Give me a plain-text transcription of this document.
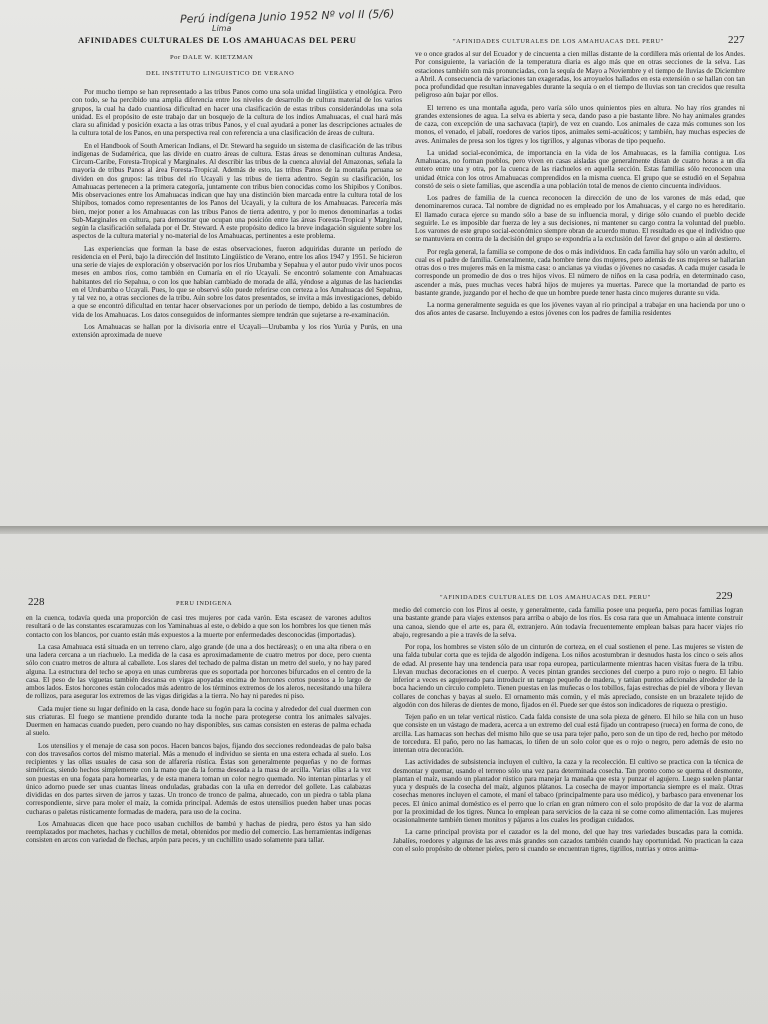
Perú indígena Junio 1952 Nº vol II (5/6)
Lima
"AFINIDADES CULTURALES DE LOS AMAHUACAS DEL PERU"	227
AFINIDADES CULTURALES DE LOS AMAHUACAS DEL PERU
Por DALE W. KIETZMAN
DEL INSTITUTO LINGUISTICO DE VERANO

Por mucho tiempo se han representado a las tribus Panos como una sola unidad lingüística y etnológica. Pero con todo, se ha percibido una amplia diferencia entre los niveles de desarrollo de cultura material de los varios grupos, la cual ha dado cuantiosa dificultad en hacer una clasificación de estas tribus considerándolas una sola unidad. Es el propósito de este trabajo dar un bosquejo de la cultura de los indios Amahuacas, el cual hará más clara su afinidad y posición exacta a las otras tribus Panos, y el cual ayudará a poner las descripciones actuales de la cultura total de los Panos, en una perspectiva real con referencia a una clasificación de áreas de cultura.

En el Handbook of South American Indians, el Dr. Steward ha seguido un sistema de clasificación de las tribus indígenas de Sudamérica, que las divide en cuatro áreas de cultura. Estas áreas se denominan culturas Andesa, Circum-Caribe, Foresta-Tropical y Marginales. Al describir las tribus de la cuenca aluvial del Amazonas, señala la mayoría de tribus Panos al área Foresta-Tropical. Además de esto, las tribus Panos de la montaña peruana se dividen en dos grupos: las tribus del río Ucayali y las tribus de tierra adentro. Según su clasificación, los Amahuacas pertenecen a la primera categoría, juntamente con tribus bien conocidas como los Shipibos y Conibos. Mis observaciones entre los Amahuacas indican que hay una distinción bien marcada entre la cultura total de los Shipibos, tomados como representantes de los Panos del Ucayali, y la cultura de los Amahuacas. Parecería más bien, mejor poner a los Amahuacas con las tribus Panos de tierra adentro, y por lo menos denominarlas a todas Sub-Marginales en cultura, para demostrar que ocupan una posición entre las áreas Foresta-Tropical y Marginal, según la clasificación señalada por el Dr. Steward. A este propósito dedico la breve indagación siguiente sobre los aspectos de la cultura material y no-material de los Amahuacas, pertinentes a este problema.

Las experiencias que forman la base de estas observaciones, fueron adquiridas durante un período de residencia en el Perú, bajo la dirección del Instituto Lingüístico de Verano, entre los años 1947 y 1951. Se hicieron una serie de viajes de exploración y observación por los ríos Urubamba y Sepahua y el autor pudo vivir unos pocos meses en ambos ríos, como también en Cumaría en el río Ucayali. Se encontró solamente con Amahuacas habitantes del río Sepahua, o con los que habían cambiado de morada de allá, yéndose a algunas de las haciendas en el Urubamba o Ucayali. Pues, lo que se observó sólo puede referirse con certeza a los Amahuacas del Sepahua, y tal vez no, a otras secciones de la tribu. Aún sobre los datos presentados, se invita a más investigaciones, debido a que se encontró dificultad en tentar hacer observaciones por un período de tiempo, debido a las costumbres de vida de los Amahuacas. Los datos conseguidos de informantes siempre tendrán que sujetarse a re-examinación.

Los Amahuacas se hallan por la divisoria entre el Ucayali—Urubamba y los ríos Yurúa y Purús, en una extensión aproximada de nueve

ve o once grados al sur del Ecuador y de cincuenta a cien millas distante de la cordillera más oriental de los Andes. Por consiguiente, la variación de la temperatura diaria es algo más que en otras secciones de la selva. Las estaciones también son más pronunciadas, con la sequía de Mayo a Noviembre y el tiempo de lluvias de Diciembre a Abril. A consecuencia de variaciones tan exageradas, los arroyuelos hallados en esta extensión o se hallan con tan poca profundidad que resultan innavegables durante la sequía o en el tiempo de lluvias son tan crecidos que resulta peligroso aún bajar por ellos.

El terreno es una montaña aguda, pero varía sólo unos quinientos pies en altura. No hay ríos grandes ni grandes extensiones de agua. La selva es abierta y seca, dando paso a pie bastante libre. No hay animales grandes de caza, con excepción de una sachavaca (tapir), de vez en cuando. Los animales de caza más comunes son los monos, el venado, el jabalí, roedores de varios tipos, animales semi-acuáticos; y también, hay muchas especies de aves. Animales de presa son los tigres y los tigrillos, y algunas víboras de tipo pequeño.

La unidad social-económica, de importancia en la vida de los Amahuacas, es la familia contigua. Los Amahuacas, no forman pueblos, pero viven en casas aisladas que generalmente distan de cuatro horas a un día entero entre una y otra, por la cuenca de las riachuelos en aquella sección. Estas familias sólo reconocen una unidad étnica con los otros Amahuacas comprendidos en la misma cuenca. El grupo que se estudió en el Sepahua constó de seis o siete familias, que ascendía a una población total de menos de ciento cincuenta individuos.

Los padres de familia de la cuenca reconocen la dirección de uno de los varones de más edad, que denominaremos curaca. Tal nombre de dignidad no es empleado por los Amahuacas, y el cargo no es hereditario. El llamado curaca ejerce su mando sólo a base de su influencia moral, y dirige sólo cuando el pueblo decide seguirle. Le es imposible dar fuerza de ley a sus decisiones, ni mantener su cargo contra la voluntad del pueblo. Los varones de este grupo social-económico siempre obran de acuerdo mutuo. El resultado es que el individuo que se mantuviera en contra de la decisión del grupo se expondría a la exclusión del favor del grupo o aún al destierro.

Por regla general, la familia se compone de dos o más individuos. En cada familia hay sólo un varón adulto, el cual es el padre de familia. Generalmente, cada hombre tiene dos mujeres, pero además de sus mujeres se hallarían otras dos o tres mujeres más en la misma casa: o ancianas ya viudas o jóvenes no casadas. A cada mujer casada le corresponde un promedio de dos o tres hijos vivos. El número de niños en la casa podría, en determinado caso, ascender a más, pues muchas veces habrá hijos de mujeres ya muertas. Parece que la mortandad de parto es bastante grande, juzgando por el hecho de que un hombre puede tener hasta cinco mujeres durante su vida.

La norma generalmente seguida es que los jóvenes vayan al río principal a trabajar en una hacienda por uno o dos años antes de casarse. Incluyendo a estos jóvenes con los padres de familia residentes

228	PERU INDIGENA
"AFINIDADES CULTURALES DE LOS AMAHUACAS DEL PERU"	229

en la cuenca, todavía queda una proporción de casi tres mujeres por cada varón. Esta escasez de varones adultos resultará o de las constantes escaramuzas con los Yaminahuas al este, o debido a que son los hombres los que tienen más contacto con los blancos, por cuanto están más expuestos a la muerte por enfermedades desconocidas (importadas).

La casa Amahuaca está situada en un terreno claro, algo grande (de una a dos hectáreas); o en una alta ribera o en una ladera cercana a un riachuelo. La medida de la casa es aproximadamente de cuatro metros por doce, pero cuenta sólo con cuatro metros de altura al caballete. Los slares del techado de palma distan un metro del suelo, y no hay pared alguna. La estructura del techo se apoya en unas cumbreras que es soportada por horcones bifurcados en el centro de la casa. El peso de las viguetas también descansa en vigas apoyadas encima de horcones cortos puestos a lo largo de ambos lados. Estos horcones están colocados más adentro de los términos extremos de los aleros, necesitando una hilera de rollizos, para asegurar los extremos de las vigas dirigidas a la tierra. No hay ni paredes ni piso.

Cada mujer tiene su lugar definido en la casa, donde hace su fogón para la cocina y alrededor del cual duermen con sus criaturas. El fuego se mantiene prendido durante toda la noche para protegerse contra los animales salvajes. Duermen en hamacas cuando pueden, pero cuando no hay disponibles, sus camas consisten en esteras de palma echada al suelo.

Los utensilios y el menaje de casa son pocos. Hacen bancos bajos, fijando dos secciones redondeadas de palo balsa con dos travesaños cortos del mismo material. Más a menudo el individuo se sienta en una estera echada al suelo. Los recipientes y las ollas usuales de casa son de alfarería rústica. Éstas son generalmente pequeñas y no de formas simétricas, siendo hechos simplemente con la mano que da la forma deseada a la masa de arcilla. Varias ollas a la vez son puestas en una fogata para hornearlas, y de esta manera toman un color negro quemado. No intentan pintarlas y el único adorno puede ser unas cuantas líneas onduladas, grabadas con la uña en derredor del gollete. Las calabazas divididas en dos partes sirven de jarros y tazas. Un tronco de tronco de palma, ahuecado, con un piedra o tabla plana correspondiente, sirve para moler el maíz, la comida principal. Además de estos utensilios pueden haber unas pocas cucharas o paletas rústicamente formadas de madera, para uso de la cocina.

Los Amahuacas dicen que hace poco usaban cuchillos de bambú y hachas de piedra, pero éstos ya han sido reemplazados por machetes, hachas y cuchillos de metal, obtenidos por medio del comercio. Las herramientas indígenas consisten en arcos con variedad de flechas, arpón para peces, y un cuchillito usado solamente para tallar.

medio del comercio con los Piros al oeste, y generalmente, cada familia posee una pequeña, pero pocas familias logran una bastante grande para viajes extensos para arriba o abajo de los ríos. Es cosa rara que un Amahuaca intente construir una canoa, siendo que el arte es, para él, extranjero. Aún todavía frecuentemente emplean balsas para hacer viajes río abajo, regresando a pie a través de la selva.

Por ropa, los hombres se visten sólo de un cinturón de corteza, en el cual sostienen el pene. Las mujeres se visten de una falda tubular corta que es tejida de algodón indígena. Los niños acostumbran ir desnudos hasta los cinco o seis años de edad. Al presente hay una tendencia para usar ropa europea, particularmente mientras hacen visitas fuera de la tribu. Llevan muchas decoraciones en el cuerpo. A veces pintan grandes secciones del cuerpo a puro rojo o negro. El labio inferior a veces es agujereado para introducir un tarugo pequeño de madera, y tatúan puntos adicionales alrededor de la boca haciendo un círculo completo. Tienen puestas en las muñecas o los tobillos, fajas estrechas de piel de víbora y llevan collares de conchas y bayas al suelo. El ornamento más común, y el más apreciado, consiste en un brazalete tejido de algodón con dos hileras de dientes de mono, fijados en él. Puede ser que éstos son indicadores de riqueza o prestigio.

Tejen paño en un telar vertical rústico. Cada falda consiste de una sola pieza de género. El hilo se hila con un huso que consiste en un vástago de madera, acerca a un extremo del cual está fijado un contrapeso (rueca) en forma de cono, de arcilla. Las hamacas son hechas del mismo hilo que se usa para tejer paño, pero son de un tipo de red, hecho por método de torcedura. El paño, pero no las hamacas, lo tiñen de un solo color que es o rojo o negro, pero además de esto no intentan otra decoración.

Las actividades de subsistencia incluyen el cultivo, la caza y la recolección. El cultivo se practica con la técnica de desmontar y quemar, usando el terreno sólo una vez para determinada cosecha. Tan pronto como se quema el desmonte, plantan el maíz, usando un plantador rústico para manejar la manaña que esta y punzar el agujero. Luego suelen plantar yuca y después de la cosecha del maíz, algunos plátanos. La cosecha de mayor importancia siempre es el maíz. Otras cosechas menores incluyen el camote, el maní el tabaco (principalmente para uso médico), y barbasco para envenenar los peces. El único animal doméstico es el perro que lo crían en gran número con el solo propósito de dar la voz de alarma por la proximidad de los tigres. Nunca lo emplean para servicios de la caza ni se come como alimentación. Las mujeres ocasionalmente también tienen monitos y pájaros a los cuales les prodigan cuidados.

La carne principal provista por el cazador es la del mono, del que hay tres variedades buscadas para la comida. Jabalíes, roedores y algunas de las aves más grandes son cazados también cuando hay oportunidad. No practican la caza con el solo propósito de obtener pieles, pero si cuando se encuentran tigres, tigrillos, nutrias y otros anima-
